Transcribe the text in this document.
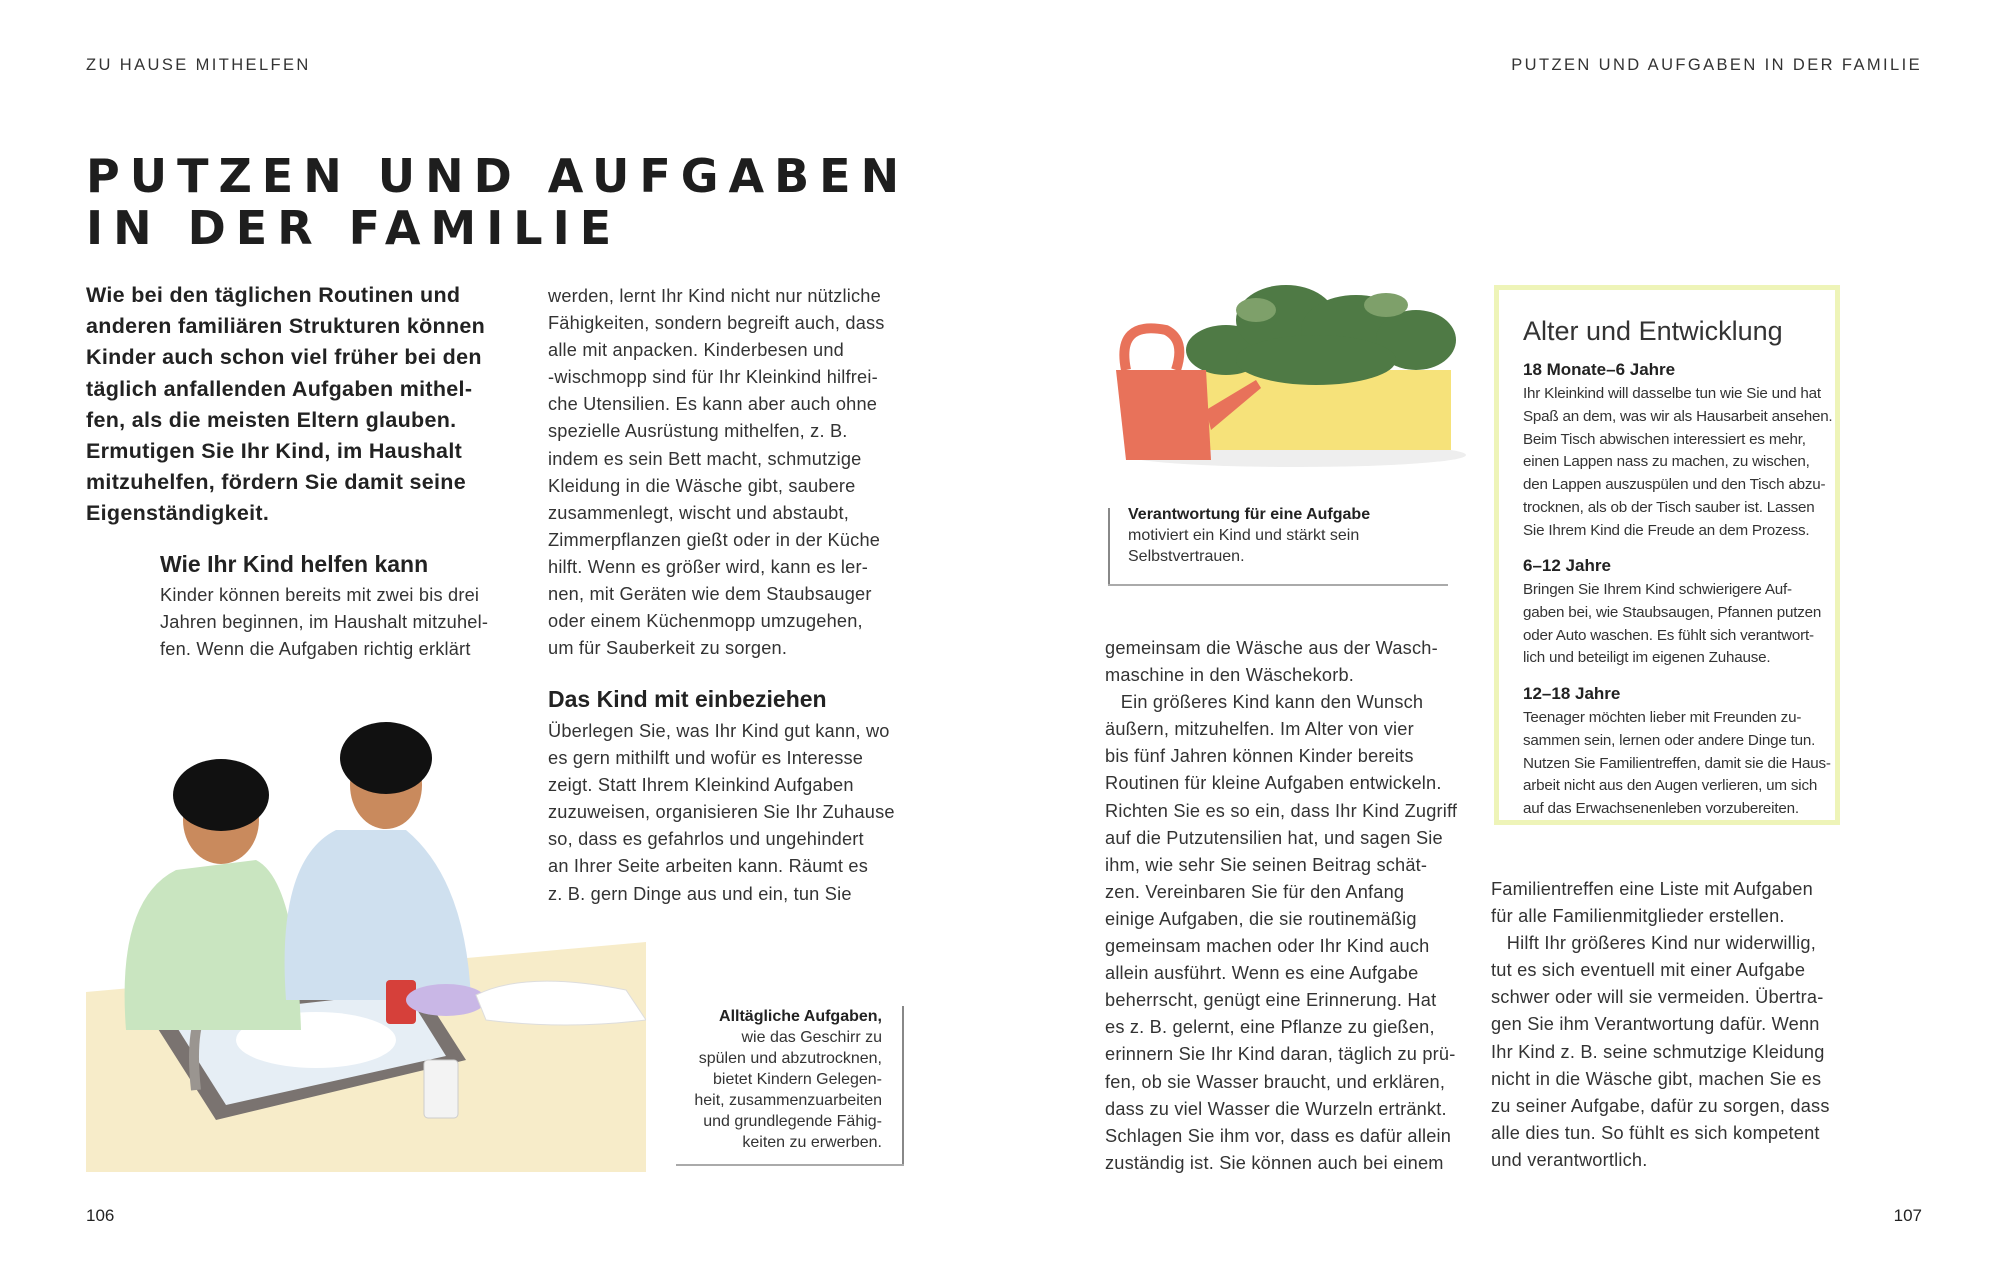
ZU HAUSE MITHELFEN	PUTZEN UND AUFGABEN IN DER FAMILIE
PUTZEN UND AUFGABEN
IN DER FAMILIE
Wie bei den täglichen Routinen und
anderen familiären Strukturen können
Kinder auch schon viel früher bei den
täglich anfallenden Aufgaben mithel-
fen, als die meisten Eltern glauben.
Ermutigen Sie Ihr Kind, im Haushalt
mitzuhelfen, fördern Sie damit seine
Eigenständigkeit.
Wie Ihr Kind helfen kann
Kinder können bereits mit zwei bis drei
Jahren beginnen, im Haushalt mitzuhel-
fen. Wenn die Aufgaben richtig erklärt
werden, lernt Ihr Kind nicht nur nützliche
Fähigkeiten, sondern begreift auch, dass
alle mit anpacken. Kinderbesen und
-wischmopp sind für Ihr Kleinkind hilfrei-
che Utensilien. Es kann aber auch ohne
spezielle Ausrüstung mithelfen, z. B.
indem es sein Bett macht, schmutzige
Kleidung in die Wäsche gibt, saubere
zusammenlegt, wischt und abstaubt,
Zimmerpflanzen gießt oder in der Küche
hilft. Wenn es größer wird, kann es ler-
nen, mit Geräten wie dem Staubsauger
oder einem Küchenmopp umzugehen,
um für Sauberkeit zu sorgen.
Das Kind mit einbeziehen
Überlegen Sie, was Ihr Kind gut kann, wo
es gern mithilft und wofür es Interesse
zeigt. Statt Ihrem Kleinkind Aufgaben
zuzuweisen, organisieren Sie Ihr Zuhause
so, dass es gefahrlos und ungehindert
an Ihrer Seite arbeiten kann. Räumt es
z. B. gern Dinge aus und ein, tun Sie
Alltägliche Aufgaben,
wie das Geschirr zu
spülen und abzutrocknen,
bietet Kindern Gelegen-
heit, zusammenzuarbeiten
und grundlegende Fähig-
keiten zu erwerben.
Verantwortung für eine Aufgabe
motiviert ein Kind und stärkt sein
Selbstvertrauen.
gemeinsam die Wäsche aus der Wasch-
maschine in den Wäschekorb.
Ein größeres Kind kann den Wunsch
äußern, mitzuhelfen. Im Alter von vier
bis fünf Jahren können Kinder bereits
Routinen für kleine Aufgaben entwickeln.
Richten Sie es so ein, dass Ihr Kind Zugriff
auf die Putzutensilien hat, und sagen Sie
ihm, wie sehr Sie seinen Beitrag schät-
zen. Vereinbaren Sie für den Anfang
einige Aufgaben, die sie routinemäßig
gemeinsam machen oder Ihr Kind auch
allein ausführt. Wenn es eine Aufgabe
beherrscht, genügt eine Erinnerung. Hat
es z. B. gelernt, eine Pflanze zu gießen,
erinnern Sie Ihr Kind daran, täglich zu prü-
fen, ob sie Wasser braucht, und erklären,
dass zu viel Wasser die Wurzeln ertränkt.
Schlagen Sie ihm vor, dass es dafür allein
zuständig ist. Sie können auch bei einem
Alter und Entwicklung
18 Monate–6 Jahre
Ihr Kleinkind will dasselbe tun wie Sie und hat
Spaß an dem, was wir als Hausarbeit ansehen.
Beim Tisch abwischen interessiert es mehr,
einen Lappen nass zu machen, zu wischen,
den Lappen auszuspülen und den Tisch abzu-
trocknen, als ob der Tisch sauber ist. Lassen
Sie Ihrem Kind die Freude an dem Prozess.
6–12 Jahre
Bringen Sie Ihrem Kind schwierigere Auf-
gaben bei, wie Staubsaugen, Pfannen putzen
oder Auto waschen. Es fühlt sich verantwort-
lich und beteiligt im eigenen Zuhause.
12–18 Jahre
Teenager möchten lieber mit Freunden zu-
sammen sein, lernen oder andere Dinge tun.
Nutzen Sie Familientreffen, damit sie die Haus-
arbeit nicht aus den Augen verlieren, um sich
auf das Erwachsenenleben vorzubereiten.
Familientreffen eine Liste mit Aufgaben
für alle Familienmitglieder erstellen.
Hilft Ihr größeres Kind nur widerwillig,
tut es sich eventuell mit einer Aufgabe
schwer oder will sie vermeiden. Übertra-
gen Sie ihm Verantwortung dafür. Wenn
Ihr Kind z. B. seine schmutzige Kleidung
nicht in die Wäsche gibt, machen Sie es
zu seiner Aufgabe, dafür zu sorgen, dass
alle dies tun. So fühlt es sich kompetent
und verantwortlich.
106	107
